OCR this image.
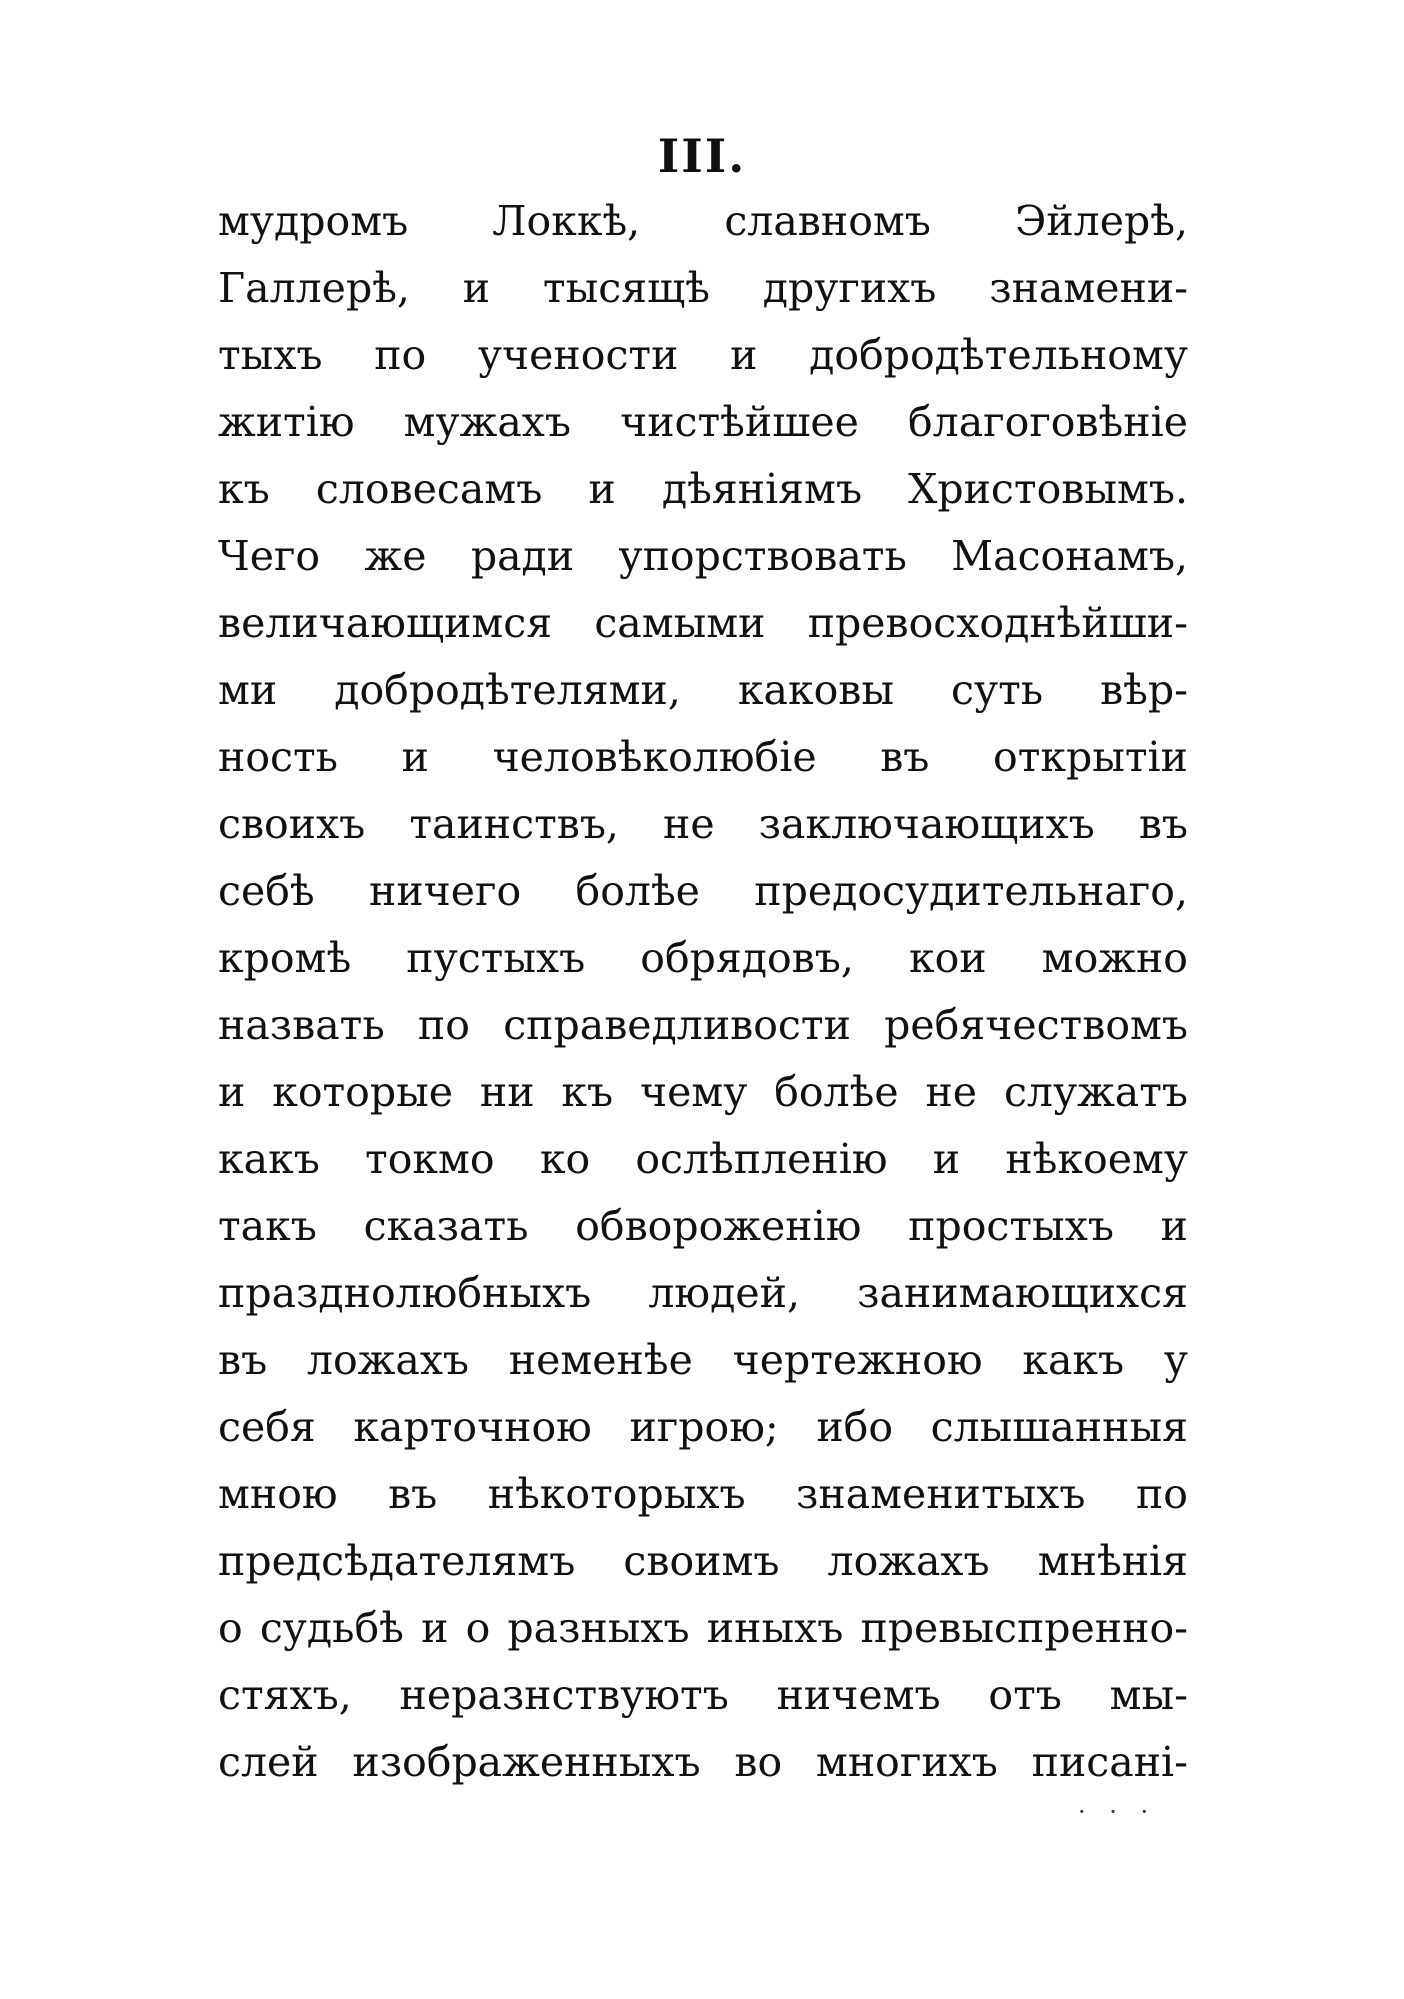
III.
мудромъ Локкѣ, славномъ Эйлерѣ,
Галлерѣ, и тысящѣ другихъ знамени-
тыхъ по учености и добродѣтельному
житiю мужахъ чистѣйшее благоговѣнiе
къ словесамъ и дѣянiямъ Христовымъ.
Чего же ради упорствовать Масонамъ,
величающимся самыми превосходнѣйши-
ми добродѣтелями, каковы суть вѣр-
ность и человѣколюбiе въ открытiи
своихъ таинствъ, не заключающихъ въ
себѣ ничего болѣе предосудительнаго,
кромѣ пустыхъ обрядовъ, кои можно
назвать по справедливости ребячествомъ
и которые ни къ чему болѣе не служатъ
какъ токмо ко ослѣпленiю и нѣкоему
такъ сказать обвороженiю простыхъ и
празднолюбныхъ людей, занимающихся
въ ложахъ неменѣе чертежною какъ у
себя карточною игрою; ибо слышанныя
мною въ нѣкоторыхъ знаменитыхъ по
предсѣдателямъ своимъ ложахъ мнѣнiя
о судьбѣ и о разныхъ иныхъ превыспренно-
стяхъ, неразнствуютъ ничемъ отъ мы-
слей изображенныхъ во многихъ писанi-
· · ·
